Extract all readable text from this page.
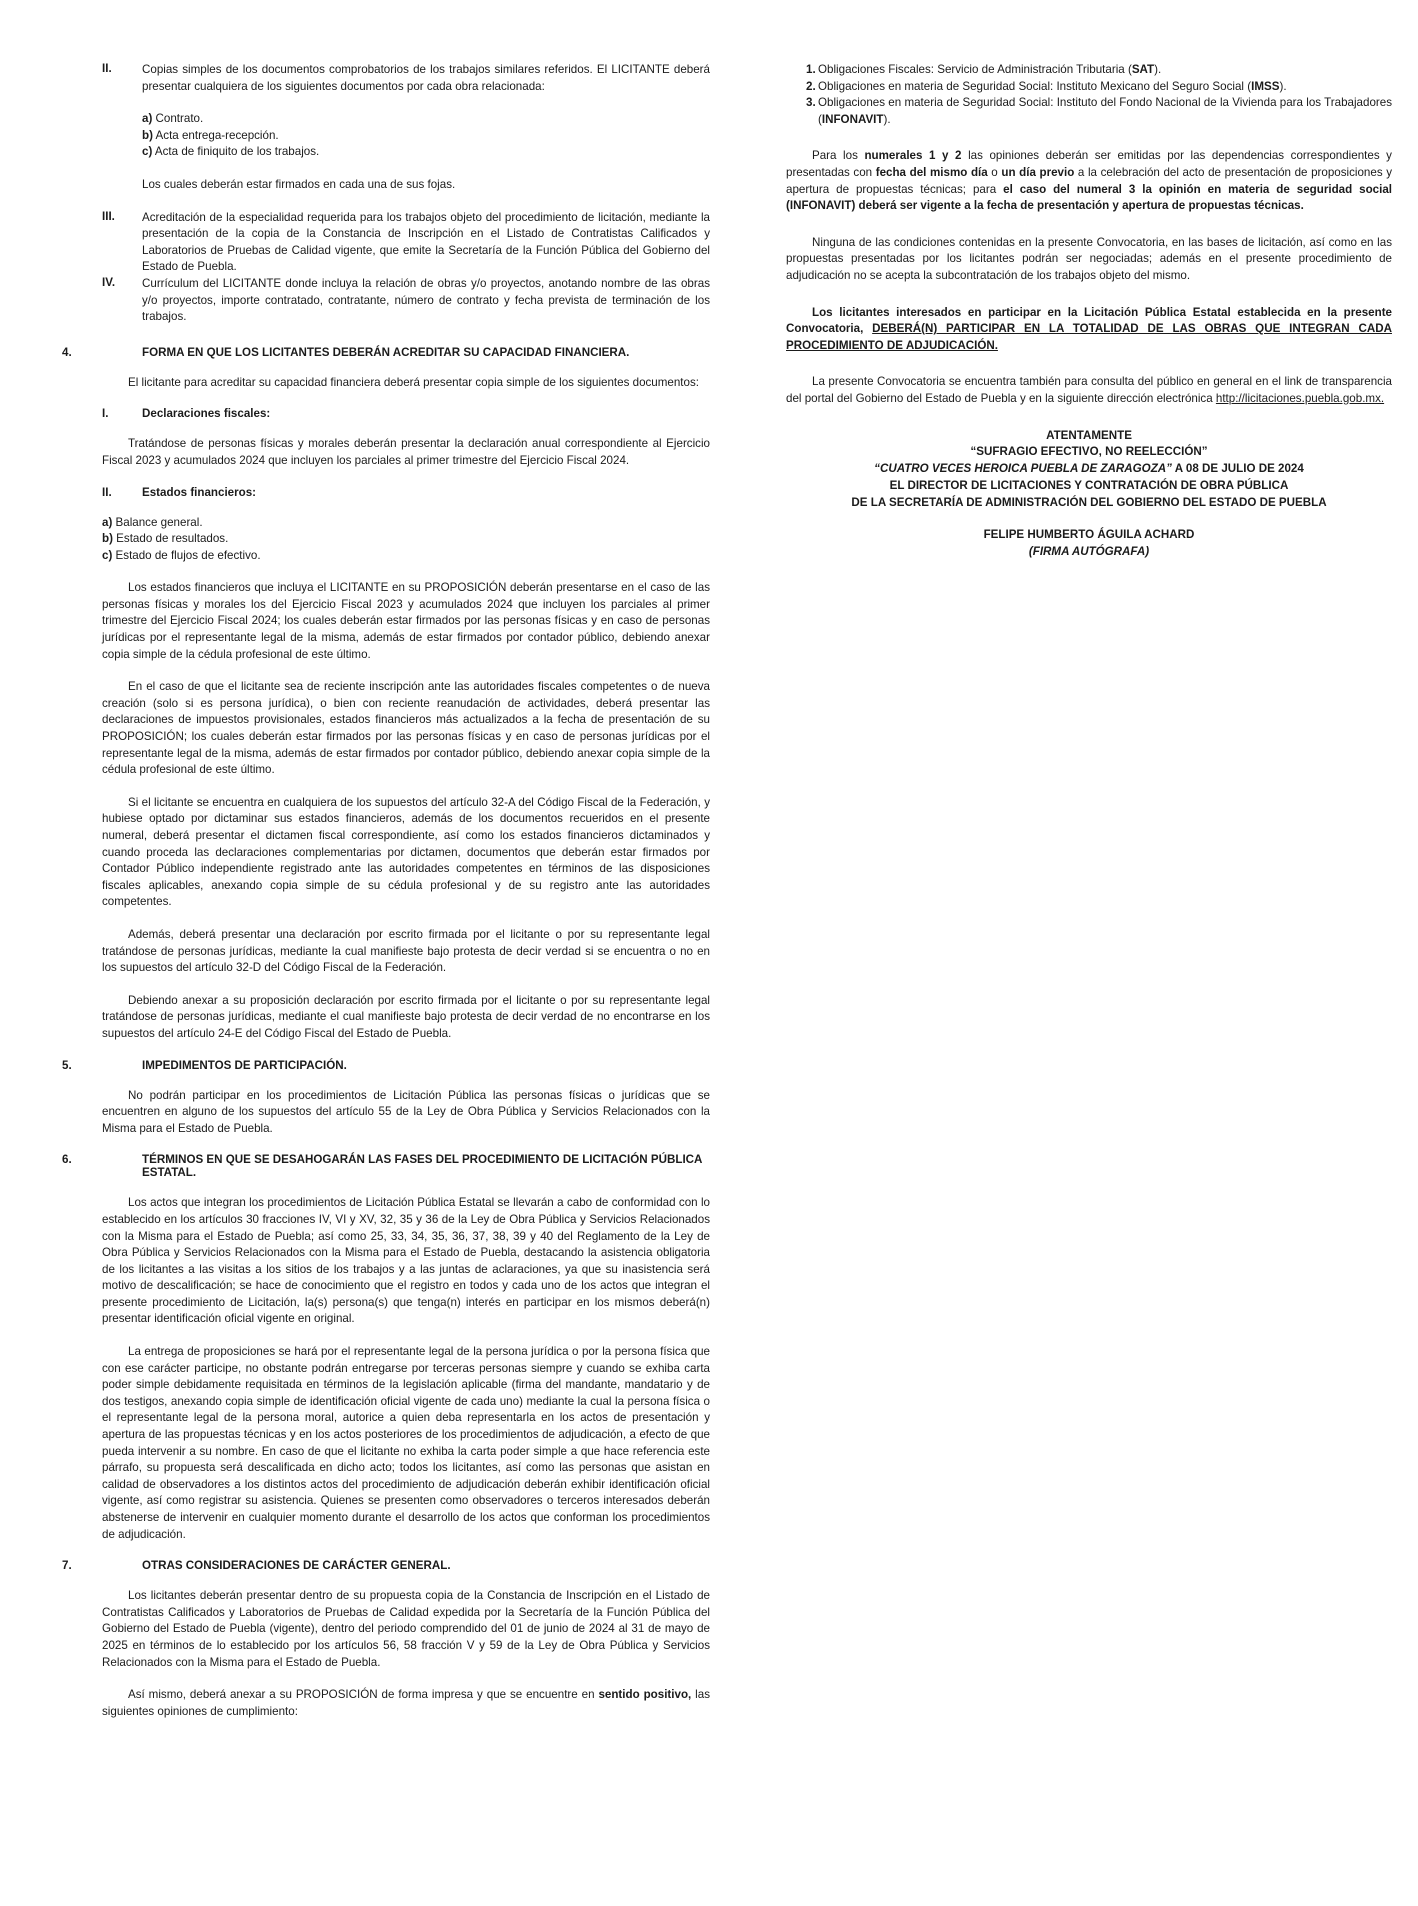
II.	Copias simples de los documentos comprobatorios de los trabajos similares referidos. El LICITANTE deberá presentar cualquiera de los siguientes documentos por cada obra relacionada:

a) Contrato.

b) Acta entrega-recepción.

c) Acta de finiquito de los trabajos.

Los cuales deberán estar firmados en cada una de sus fojas.

III.	Acreditación de la especialidad requerida para los trabajos objeto del procedimiento de licitación, mediante la presentación de la copia de la Constancia de Inscripción en el Listado de Contratistas Calificados y Laboratorios de Pruebas de Calidad vigente, que emite la Secretaría de la Función Pública del Gobierno del Estado de Puebla.

IV.	Currículum del LICITANTE donde incluya la relación de obras y/o proyectos, anotando nombre de las obras y/o proyectos, importe contratado, contratante, número de contrato y fecha prevista de terminación de los trabajos.

4.	FORMA EN QUE LOS LICITANTES DEBERÁN ACREDITAR SU CAPACIDAD FINANCIERA.

El licitante para acreditar su capacidad financiera deberá presentar copia simple de los siguientes documentos:

I.	Declaraciones fiscales:

Tratándose de personas físicas y morales deberán presentar la declaración anual correspondiente al Ejercicio Fiscal 2023 y acumulados 2024 que incluyen los parciales al primer trimestre del Ejercicio Fiscal 2024.

II.	Estados financieros:

a) Balance general.

b) Estado de resultados.

c) Estado de flujos de efectivo.

Los estados financieros que incluya el LICITANTE en su PROPOSICIÓN deberán presentarse en el caso de las personas físicas y morales los del Ejercicio Fiscal 2023 y acumulados 2024 que incluyen los parciales al primer trimestre del Ejercicio Fiscal 2024; los cuales deberán estar firmados por las personas físicas y en caso de personas jurídicas por el representante legal de la misma, además de estar firmados por contador público, debiendo anexar copia simple de la cédula profesional de este último.

En el caso de que el licitante sea de reciente inscripción ante las autoridades fiscales competentes o de nueva creación (solo si es persona jurídica), o bien con reciente reanudación de actividades, deberá presentar las declaraciones de impuestos provisionales, estados financieros más actualizados a la fecha de presentación de su PROPOSICIÓN; los cuales deberán estar firmados por las personas físicas y en caso de personas jurídicas por el representante legal de la misma, además de estar firmados por contador público, debiendo anexar copia simple de la cédula profesional de este último.

Si el licitante se encuentra en cualquiera de los supuestos del artículo 32-A del Código Fiscal de la Federación, y hubiese optado por dictaminar sus estados financieros, además de los documentos recueridos en el presente numeral, deberá presentar el dictamen fiscal correspondiente, así como los estados financieros dictaminados y cuando proceda las declaraciones complementarias por dictamen, documentos que deberán estar firmados por Contador Público independiente registrado ante las autoridades competentes en términos de las disposiciones fiscales aplicables, anexando copia simple de su cédula profesional y de su registro ante las autoridades competentes.

Además, deberá presentar una declaración por escrito firmada por el licitante o por su representante legal tratándose de personas jurídicas, mediante la cual manifieste bajo protesta de decir verdad si se encuentra o no en los supuestos del artículo 32-D del Código Fiscal de la Federación.

Debiendo anexar a su proposición declaración por escrito firmada por el licitante o por su representante legal tratándose de personas jurídicas, mediante el cual manifieste bajo protesta de decir verdad de no encontrarse en los supuestos del artículo 24-E del Código Fiscal del Estado de Puebla.

5.	IMPEDIMENTOS DE PARTICIPACIÓN.

No podrán participar en los procedimientos de Licitación Pública las personas físicas o jurídicas que se encuentren en alguno de los supuestos del artículo 55 de la Ley de Obra Pública y Servicios Relacionados con la Misma para el Estado de Puebla.

6.	TÉRMINOS EN QUE SE DESAHOGARÁN LAS FASES DEL PROCEDIMIENTO DE LICITACIÓN PÚBLICA ESTATAL.

Los actos que integran los procedimientos de Licitación Pública Estatal se llevarán a cabo de conformidad con lo establecido en los artículos 30 fracciones IV, VI y XV, 32, 35 y 36 de la Ley de Obra Pública y Servicios Relacionados con la Misma para el Estado de Puebla; así como 25, 33, 34, 35, 36, 37, 38, 39 y 40 del Reglamento de la Ley de Obra Pública y Servicios Relacionados con la Misma para el Estado de Puebla, destacando la asistencia obligatoria de los licitantes a las visitas a los sitios de los trabajos y a las juntas de aclaraciones, ya que su inasistencia será motivo de descalificación; se hace de conocimiento que el registro en todos y cada uno de los actos que integran el presente procedimiento de Licitación, la(s) persona(s) que tenga(n) interés en participar en los mismos deberá(n) presentar identificación oficial vigente en original.

La entrega de proposiciones se hará por el representante legal de la persona jurídica o por la persona física que con ese carácter participe, no obstante podrán entregarse por terceras personas siempre y cuando se exhiba carta poder simple debidamente requisitada en términos de la legislación aplicable (firma del mandante, mandatario y de dos testigos, anexando copia simple de identificación oficial vigente de cada uno) mediante la cual la persona física o el representante legal de la persona moral, autorice a quien deba representarla en los actos de presentación y apertura de las propuestas técnicas y en los actos posteriores de los procedimientos de adjudicación, a efecto de que pueda intervenir a su nombre. En caso de que el licitante no exhiba la carta poder simple a que hace referencia este párrafo, su propuesta será descalificada en dicho acto; todos los licitantes, así como las personas que asistan en calidad de observadores a los distintos actos del procedimiento de adjudicación deberán exhibir identificación oficial vigente, así como registrar su asistencia. Quienes se presenten como observadores o terceros interesados deberán abstenerse de intervenir en cualquier momento durante el desarrollo de los actos que conforman los procedimientos de adjudicación.

7.	OTRAS CONSIDERACIONES DE CARÁCTER GENERAL.

Los licitantes deberán presentar dentro de su propuesta copia de la Constancia de Inscripción en el Listado de Contratistas Calificados y Laboratorios de Pruebas de Calidad expedida por la Secretaría de la Función Pública del Gobierno del Estado de Puebla (vigente), dentro del periodo comprendido del 01 de junio de 2024 al 31 de mayo de 2025 en términos de lo establecido por los artículos 56, 58 fracción V y 59 de la Ley de Obra Pública y Servicios Relacionados con la Misma para el Estado de Puebla.

Así mismo, deberá anexar a su PROPOSICIÓN de forma impresa y que se encuentre en sentido positivo, las siguientes opiniones de cumplimiento:

1. Obligaciones Fiscales: Servicio de Administración Tributaria (SAT).
2. Obligaciones en materia de Seguridad Social: Instituto Mexicano del Seguro Social (IMSS).
3. Obligaciones en materia de Seguridad Social: Instituto del Fondo Nacional de la Vivienda para los Trabajadores (INFONAVIT).

Para los numerales 1 y 2 las opiniones deberán ser emitidas por las dependencias correspondientes y presentadas con fecha del mismo día o un día previo a la celebración del acto de presentación de proposiciones y apertura de propuestas técnicas; para el caso del numeral 3 la opinión en materia de seguridad social (INFONAVIT) deberá ser vigente a la fecha de presentación y apertura de propuestas técnicas.

Ninguna de las condiciones contenidas en la presente Convocatoria, en las bases de licitación, así como en las propuestas presentadas por los licitantes podrán ser negociadas; además en el presente procedimiento de adjudicación no se acepta la subcontratación de los trabajos objeto del mismo.

Los licitantes interesados en participar en la Licitación Pública Estatal establecida en la presente Convocatoria, DEBERÁ(N) PARTICIPAR EN LA TOTALIDAD DE LAS OBRAS QUE INTEGRAN CADA PROCEDIMIENTO DE ADJUDICACIÓN.

La presente Convocatoria se encuentra también para consulta del público en general en el link de transparencia del portal del Gobierno del Estado de Puebla y en la siguiente dirección electrónica http://licitaciones.puebla.gob.mx.

ATENTAMENTE
“SUFRAGIO EFECTIVO, NO REELECCIÓN”
“CUATRO VECES HEROICA PUEBLA DE ZARAGOZA” A 08 DE JULIO DE 2024
EL DIRECTOR DE LICITACIONES Y CONTRATACIÓN DE OBRA PÚBLICA
DE LA SECRETARÍA DE ADMINISTRACIÓN DEL GOBIERNO DEL ESTADO DE PUEBLA
FELIPE HUMBERTO ÁGUILA ACHARD
(FIRMA AUTÓGRAFA)
